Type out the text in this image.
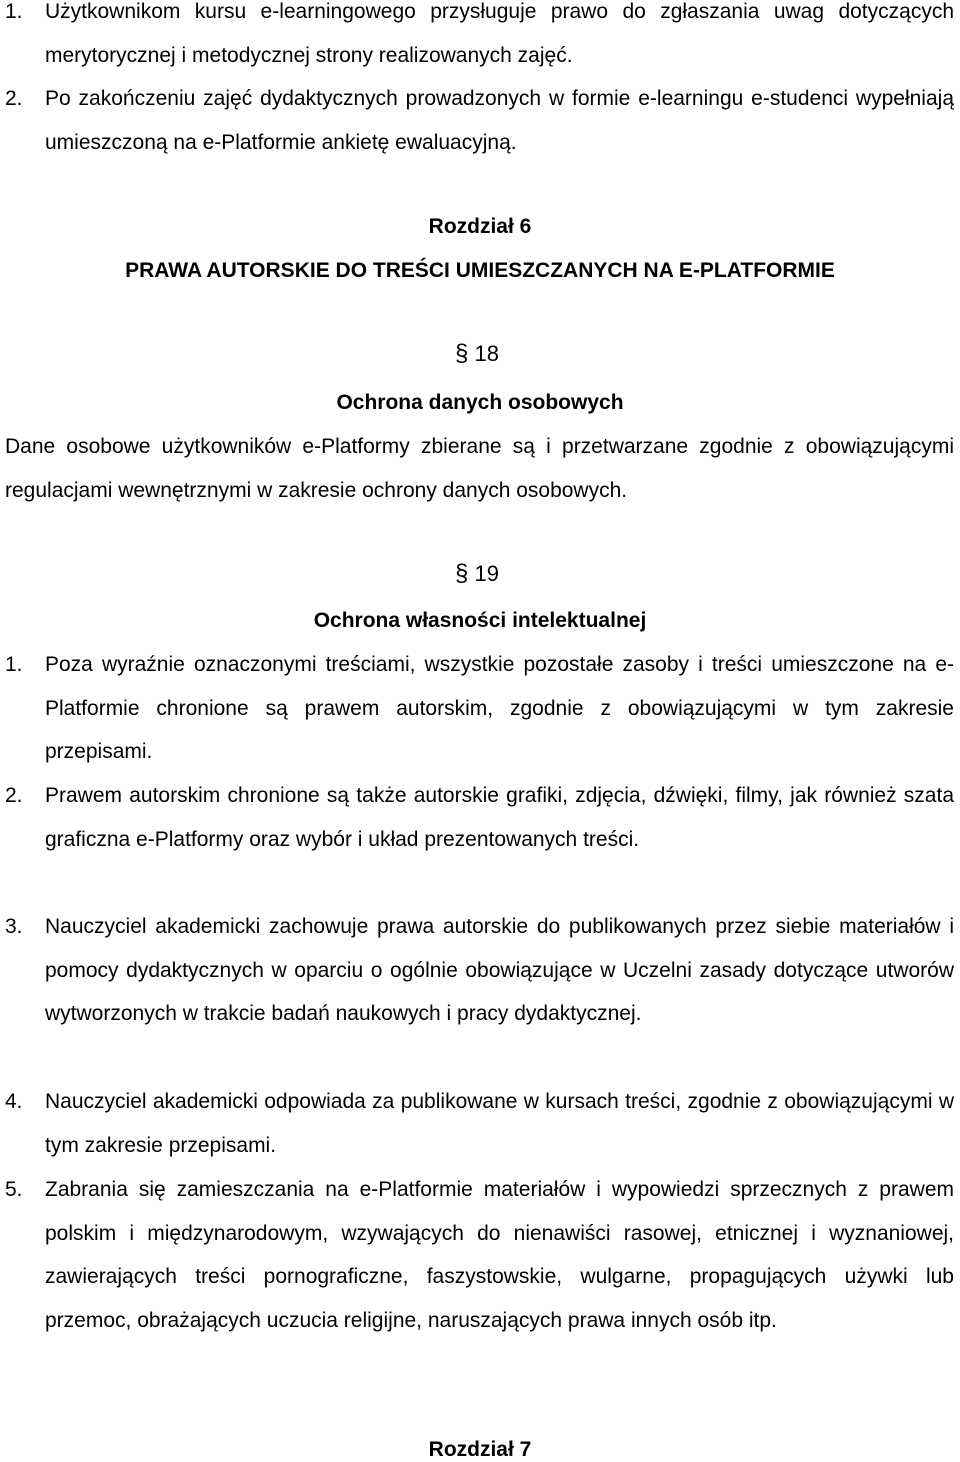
1. Użytkownikom kursu e-learningowego przysługuje prawo do zgłaszania uwag dotyczących merytorycznej i metodycznej strony realizowanych zajęć.
2. Po zakończeniu zajęć dydaktycznych prowadzonych w formie e-learningu e-studenci wypełniają umieszczoną na e-Platformie ankietę ewaluacyjną.
Rozdział 6
PRAWA AUTORSKIE DO TREŚCI UMIESZCZANYCH NA E-PLATFORMIE
§ 18
Ochrona danych osobowych
Dane osobowe użytkowników e-Platformy zbierane są i przetwarzane zgodnie z obowiązującymi regulacjami wewnętrznymi w zakresie ochrony danych osobowych.
§ 19
Ochrona własności intelektualnej
1. Poza wyraźnie oznaczonymi treściami, wszystkie pozostałe zasoby i treści umieszczone na e-Platformie chronione są prawem autorskim, zgodnie z obowiązującymi w tym zakresie przepisami.
2. Prawem autorskim chronione są także autorskie grafiki, zdjęcia, dźwięki, filmy, jak również szata graficzna e-Platformy oraz wybór i układ prezentowanych treści.
3. Nauczyciel akademicki zachowuje prawa autorskie do publikowanych przez siebie materiałów i pomocy dydaktycznych w oparciu o ogólnie obowiązujące w Uczelni zasady dotyczące utworów wytworzonych w trakcie badań naukowych i pracy dydaktycznej.
4. Nauczyciel akademicki odpowiada za publikowane w kursach treści, zgodnie z obowiązującymi w tym zakresie przepisami.
5. Zabrania się zamieszczania na e-Platformie materiałów i wypowiedzi sprzecznych z prawem polskim i międzynarodowym, wzywających do nienawiści rasowej, etnicznej i wyznaniowej, zawierających treści pornograficzne, faszystowskie, wulgarne, propagujących używki lub przemoc, obrażających uczucia religijne, naruszających prawa innych osób itp.
Rozdział 7
